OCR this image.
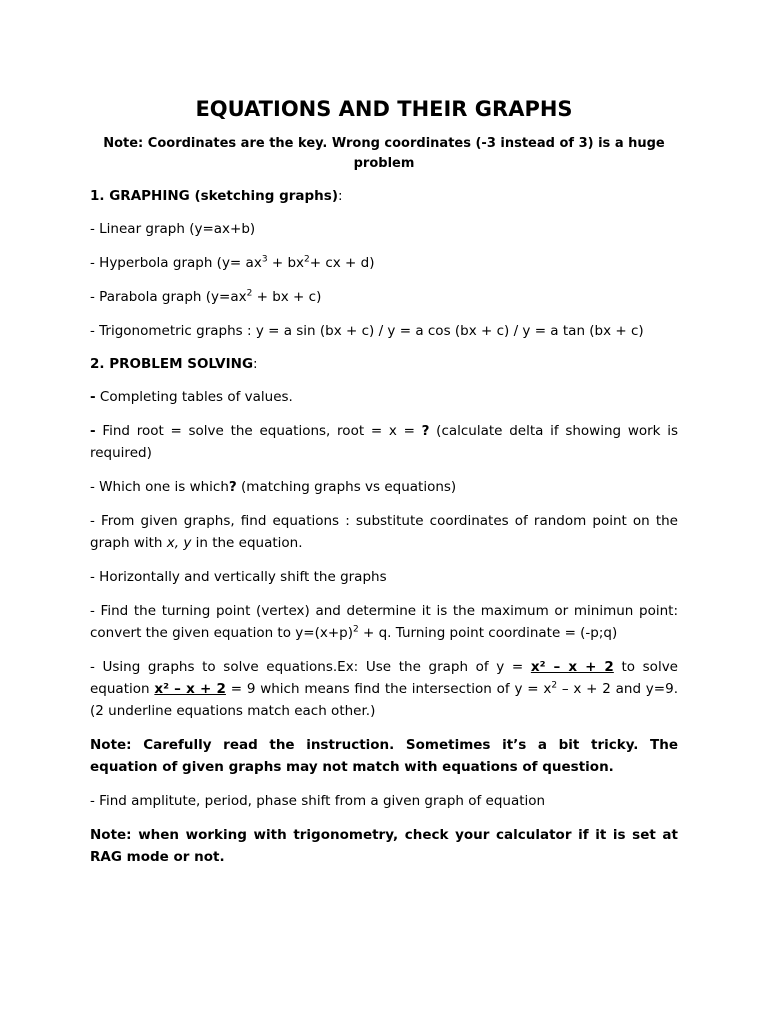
EQUATIONS AND THEIR GRAPHS

Note: Coordinates are the key. Wrong coordinates (-3 instead of 3) is a huge problem

1. GRAPHING (sketching graphs):

- Linear graph (y=ax+b)

- Hyperbola graph ($y= ax^3 + bx^2+$ cx + d)

- Parabola graph ($y=ax^2$ + bx + c)

- Trigonometric graphs : y = a sin (bx + c) / y = a cos (bx + c) / y = a tan (bx + c)

2. PROBLEM SOLVING:

- Completing tables of values.

- Find root = solve the equations, root = x = ? (calculate delta if showing work is required)

- Which one is which? (matching graphs vs equations)

- From given graphs, find equations : substitute coordinates of random point on the graph with x, y in the equation.

- Horizontally and vertically shift the graphs

- Find the turning point (vertex) and determine it is the maximum or minimun point: convert the given equation to $y=(x+p)^2 + q$. Turning point coordinate = (-p;q)

- Using graphs to solve equations.Ex: Use the graph of y = x² – x + 2 to solve equation x² – x + 2 = 9 which means find the intersection of $y = x^2 - x + 2$ and y=9. (2 underline equations match each other.)

Note: Carefully read the instruction. Sometimes it’s a bit tricky. The equation of given graphs may not match with equations of question.

- Find amplitute, period, phase shift from a given graph of equation

Note: when working with trigonometry, check your calculator if it is set at RAG mode or not.
